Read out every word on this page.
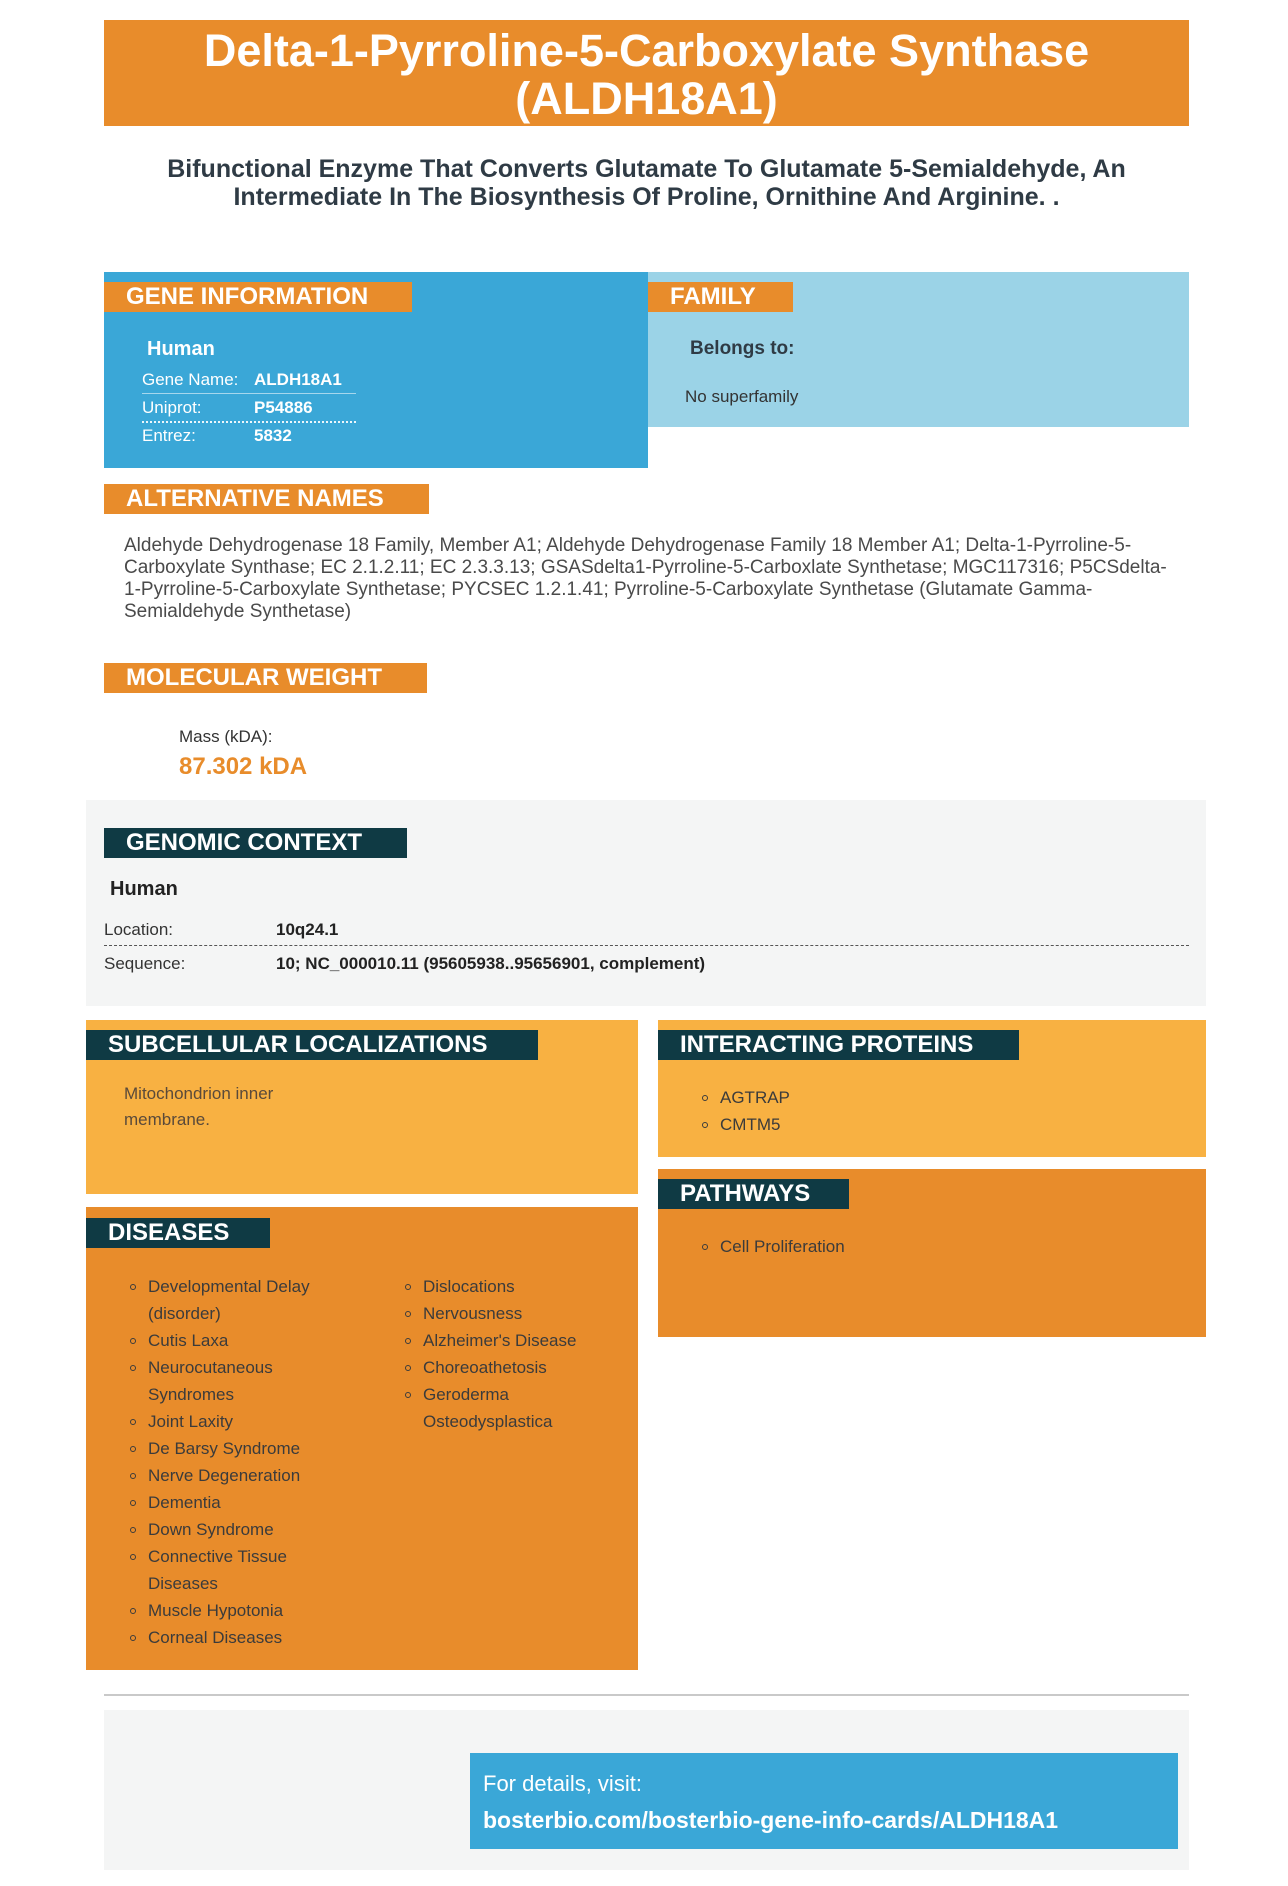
Delta-1-Pyrroline-5-Carboxylate Synthase
(ALDH18A1)
Bifunctional Enzyme That Converts Glutamate To Glutamate 5-Semialdehyde, An Intermediate In The Biosynthesis Of Proline, Ornithine And Arginine. .
GENE INFORMATION
Human
Gene Name: ALDH18A1
Uniprot:	P54886
Entrez:	5832
FAMILY
Belongs to:
No superfamily
ALTERNATIVE NAMES
Aldehyde Dehydrogenase 18 Family, Member A1; Aldehyde Dehydrogenase Family 18 Member A1; Delta-1-Pyrroline-5-Carboxylate Synthase; EC 2.1.2.11; EC 2.3.3.13; GSASdelta1-Pyrroline-5-Carboxlate Synthetase; MGC117316; P5CSdelta-1-Pyrroline-5-Carboxylate Synthetase; PYCSEC 1.2.1.41; Pyrroline-5-Carboxylate Synthetase (Glutamate Gamma-Semialdehyde Synthetase)
MOLECULAR WEIGHT
Mass (kDA):
87.302 kDA
GENOMIC CONTEXT
Human
Location:	10q24.1
Sequence:	10; NC_000010.11 (95605938..95656901, complement)
SUBCELLULAR LOCALIZATIONS
Mitochondrion inner
membrane.
INTERACTING PROTEINS
AGTRAP
CMTM5
PATHWAYS
Cell Proliferation
DISEASES
Developmental Delay
(disorder)
Cutis Laxa
Neurocutaneous
Syndromes
Joint Laxity
De Barsy Syndrome
Nerve Degeneration
Dementia
Down Syndrome
Connective Tissue
Diseases
Muscle Hypotonia
Corneal Diseases
Dislocations
Nervousness
Alzheimer's Disease
Choreoathetosis
Geroderma
Osteodysplastica
For details, visit:
bosterbio.com/bosterbio-gene-info-cards/ALDH18A1
